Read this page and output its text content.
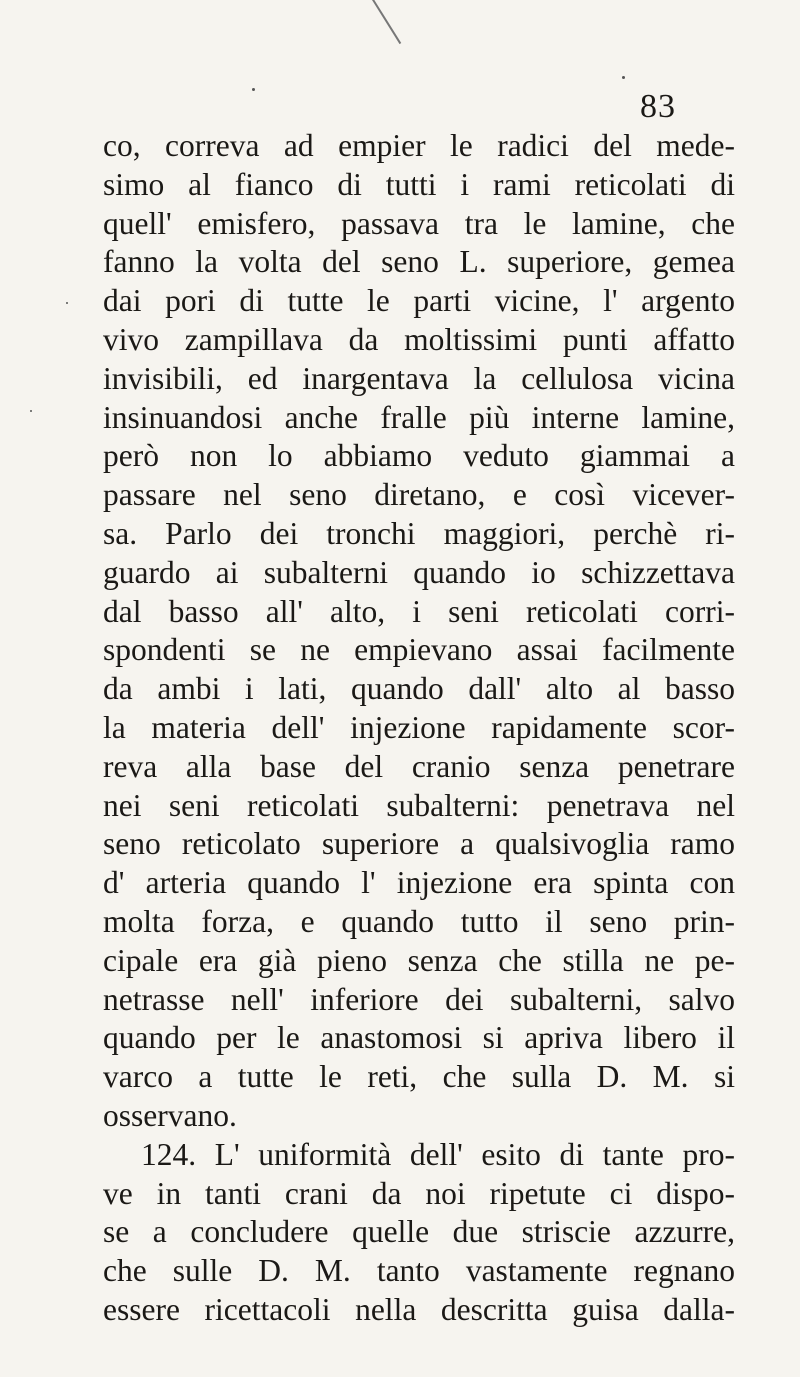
83
co, correva ad empier le radici del mede-
simo al fianco di tutti i rami reticolati di
quell' emisfero, passava tra le lamine, che
fanno la volta del seno L. superiore, gemea
dai pori di tutte le parti vicine, l' argento
vivo zampillava da moltissimi punti affatto
invisibili, ed inargentava la cellulosa vicina
insinuandosi anche fralle più interne lamine,
però non lo abbiamo veduto giammai a
passare nel seno diretano, e così vicever-
sa. Parlo dei tronchi maggiori, perchè ri-
guardo ai subalterni quando io schizzettava
dal basso all' alto, i seni reticolati corri-
spondenti se ne empievano assai facilmente
da ambi i lati, quando dall' alto al basso
la materia dell' injezione rapidamente scor-
reva alla base del cranio senza penetrare
nei seni reticolati subalterni: penetrava nel
seno reticolato superiore a qualsivoglia ramo
d' arteria quando l' injezione era spinta con
molta forza, e quando tutto il seno prin-
cipale era già pieno senza che stilla ne pe-
netrasse nell' inferiore dei subalterni, salvo
quando per le anastomosi si apriva libero il
varco a tutte le reti, che sulla D. M. si
osservano.
124. L' uniformità dell' esito di tante pro-
ve in tanti crani da noi ripetute ci dispo-
se a concludere quelle due striscie azzurre,
che sulle D. M. tanto vastamente regnano
essere ricettacoli nella descritta guisa dalla-
